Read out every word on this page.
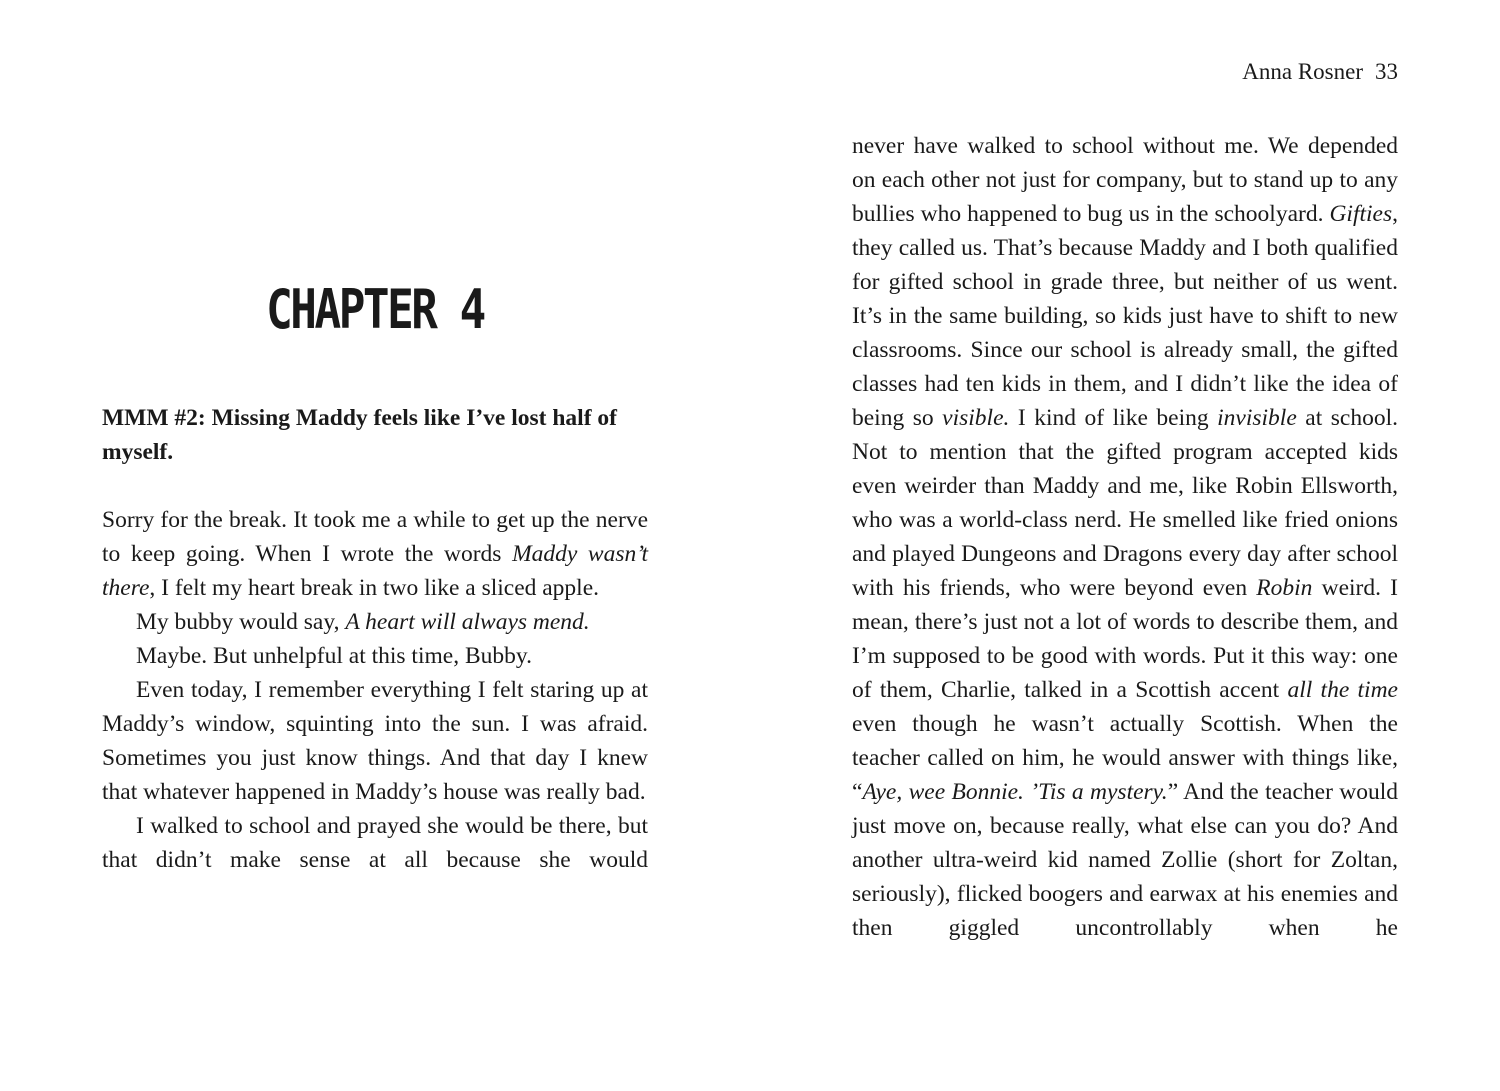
CHAPTER 4

MMM #2: Missing Maddy feels like I’ve lost half of myself.

Sorry for the break. It took me a while to get up the nerve to keep going. When I wrote the words Maddy wasn’t there, I felt my heart break in two like a sliced apple.

My bubby would say, A heart will always mend.

Maybe. But unhelpful at this time, Bubby.

Even today, I remember everything I felt staring up at Maddy’s window, squinting into the sun. I was afraid. Sometimes you just know things. And that day I knew that whatever happened in Maddy’s house was really bad.

I walked to school and prayed she would be there, but that didn’t make sense at all because she would

Anna Rosner 33

never have walked to school without me. We depended on each other not just for company, but to stand up to any bullies who happened to bug us in the schoolyard. Gifties, they called us. That’s because Maddy and I both qualified for gifted school in grade three, but neither of us went. It’s in the same building, so kids just have to shift to new classrooms. Since our school is already small, the gifted classes had ten kids in them, and I didn’t like the idea of being so visible. I kind of like being invisible at school. Not to mention that the gifted program accepted kids even weirder than Maddy and me, like Robin Ellsworth, who was a world-class nerd. He smelled like fried onions and played Dungeons and Dragons every day after school with his friends, who were beyond even Robin weird. I mean, there’s just not a lot of words to describe them, and I’m supposed to be good with words. Put it this way: one of them, Charlie, talked in a Scottish accent all the time even though he wasn’t actually Scottish. When the teacher called on him, he would answer with things like, “Aye, wee Bonnie. ’Tis a mystery.” And the teacher would just move on, because really, what else can you do? And another ultra-weird kid named Zollie (short for Zoltan, seriously), flicked boogers and earwax at his enemies and then giggled uncontrollably when he
